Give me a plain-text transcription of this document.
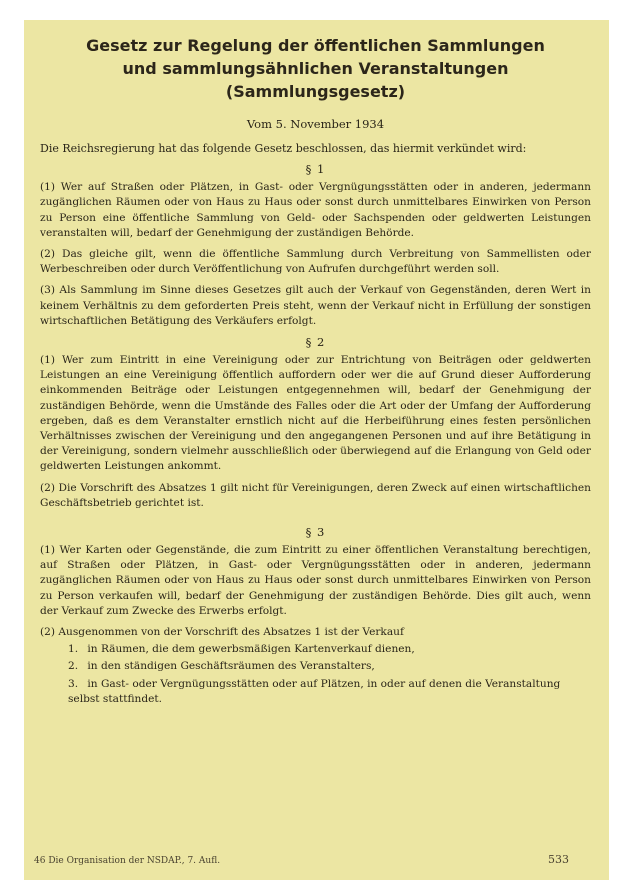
Gesetz zur Regelung der öffentlichen Sammlungen
und sammlungsähnlichen Veranstaltungen (Sammlungsgesetz)
Vom 5. November 1934

Die Reichsregierung hat das folgende Gesetz beschlossen, das hiermit verkündet wird:

§ 1

(1) Wer auf Straßen oder Plätzen, in Gast- oder Vergnügungsstätten oder in anderen, jedermann zugänglichen Räumen oder von Haus zu Haus oder sonst durch unmittelbares Einwirken von Person zu Person eine öffentliche Sammlung von Geld- oder Sachspenden oder geldwerten Leistungen veranstalten will, bedarf der Genehmigung der zuständigen Behörde.

(2) Das gleiche gilt, wenn die öffentliche Sammlung durch Verbreitung von Sammellisten oder Werbeschreiben oder durch Veröffentlichung von Aufrufen durchgeführt werden soll.

(3) Als Sammlung im Sinne dieses Gesetzes gilt auch der Verkauf von Gegenständen, deren Wert in keinem Verhältnis zu dem geforderten Preis steht, wenn der Verkauf nicht in Erfüllung der sonstigen wirtschaftlichen Betätigung des Verkäufers erfolgt.

§ 2

(1) Wer zum Eintritt in eine Vereinigung oder zur Entrichtung von Beiträgen oder geldwerten Leistungen an eine Vereinigung öffentlich auffordern oder wer die auf Grund dieser Aufforderung einkommenden Beiträge oder Leistungen entgegennehmen will, bedarf der Genehmigung der zuständigen Behörde, wenn die Umstände des Falles oder die Art oder der Umfang der Aufforderung ergeben, daß es dem Veranstalter ernstlich nicht auf die Herbeiführung eines festen persönlichen Verhältnisses zwischen der Vereinigung und den angegangenen Personen und auf ihre Betätigung in der Vereinigung, sondern vielmehr ausschließlich oder überwiegend auf die Erlangung von Geld oder geldwerten Leistungen ankommt.

(2) Die Vorschrift des Absatzes 1 gilt nicht für Vereinigungen, deren Zweck auf einen wirtschaftlichen Geschäftsbetrieb gerichtet ist.

§ 3

(1) Wer Karten oder Gegenstände, die zum Eintritt zu einer öffentlichen Veranstaltung berechtigen, auf Straßen oder Plätzen, in Gast- oder Vergnügungsstätten oder in anderen, jedermann zugänglichen Räumen oder von Haus zu Haus oder sonst durch unmittelbares Einwirken von Person zu Person verkaufen will, bedarf der Genehmigung der zuständigen Behörde. Dies gilt auch, wenn der Verkauf zum Zwecke des Erwerbs erfolgt.

(2) Ausgenommen von der Vorschrift des Absatzes 1 ist der Verkauf

1. in Räumen, die dem gewerbsmäßigen Kartenverkauf dienen,
2. in den ständigen Geschäftsräumen des Veranstalters,
3. in Gast- oder Vergnügungsstätten oder auf Plätzen, in oder auf denen die Veranstaltung selbst stattfindet.
46 Die Organisation der NSDAP., 7. Aufl.	533
